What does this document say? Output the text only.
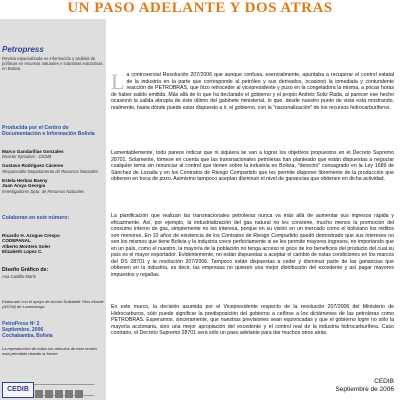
UN PASO ADELANTE Y DOS ATRAS
Petropress
Revista especializada en información y análisis de políticas en recursos naturales e industrias extractivas en Bolivia
Producida por el Centro de Documentación e Información Bolivia
Marco Gandarillas Gonzales
Director Ejecutivo - CEDIB
Gustavo Rodríguez Cáceres
Responsable Departamento de Recursos Naturales
Estela Herbas Baeny
Juan Araya Georgia
Investigadores Dpto. de Recursos Naturales
Colaboran en este número:
Ricardo H. Azogue Crespo
CODEPANAL
Alberto Montero Soler
Elizabeth Lopez C.
Diseño Gráfico de:
Ana Castillo Marín
Elaborado con el apoyo de Acción Solidarité Tiers Monde (ASTM) de Luxemburgo
PetroPress Nº 2
Septiembre, 2006
Cochabamba, Bolivia
La reproducción de todos los artículos de esta revista está permitida citando la fuente
CEDIB
L a controversial Resolución 207/2006 que aunque confusa, esencialmente, apuntaba a recuperar el control estatal de la industria en la parte que corresponde al petróleo y sus derivados, ocasionó la inmediata y contundente reacción de PETROBRAS, que hizo retroceder al vicepresidente y puso en la congeladora la misma, a pocas horas de haber salido emitida. Más allá de lo que ha declarado el gobierno y el propio Andrés Soliz Rada, al parecer ese hecho ocasionó la salida abrupta de éste último del gabinete ministerial, lo que, desde nuestro punto de vista está mostrando, realmente, hasta dónde puede estar dispuesto a ir, el gobierno, con la "nacionalización" de los recursos hidrocarburíferos.

Lamentablemente, todo parece indicar que ni siquiera se van a lograr los objetivos propuestos en el Decreto Supremo 28701. Solamente, tómese en cuenta que las transnacionales petroleras han planteado que están dispuestas a negociar cualquier tema sin renunciar al control que tienen sobre la industria en Bolivia, "derecho" consagrado en la Ley 1689 de Sánchez de Lozada y en los Contratos de Riesgo Compartido que les permite disponer libremente de la producción que obtienen en boca de pozo. Asimismo tampoco aceptan disminuir el nivel de ganancias que obtienen en dicha actividad.

La planificación que realizan las transnacionales petroleras nunca va más allá de aumentar sus ingresos rápida y eficazmente. Así, por ejemplo, la industrialización del gas natural no les conviene, mucho menos la promoción del consumo interno de gas, simplemente no les interesa, porque en su visión en un mercado como el boliviano los réditos son menores. En 10 años de existencia de los Contratos de Riesgo Compartido quedó demostrado que sus intereses no son los mismos que tiene Bolivia y la industria crece perfectamente si se les permite mayores ingresos, no importando que en un país, como el nuestro, la mayoría de la población no tenga acceso ni goce de los beneficios del producto del cual su país es el mayor exportador. Evidentemente, no están dispuestas a aceptar el cambio de estas condiciones en los marcos del DS 28701 y la resolución 207/2006. Tampoco están dispuestas a ceder y disminuir parte de las ganancias que obtienen en la industria, es decir, las empresas no quieren una mejor distribución del excedente y así pagar mayores impuestos y regalías.

En este marco, la decisión asumida por el Vicepresidente respecto de la resolución 207/2006 del Ministerio de Hidrocarburos, sólo puede significar la predisposición del gobierno a ceñirse a los dictámenes de las petroleras como PETROBRAS. Esperamos, sinceramente, que nuestras previsiones sean equivocadas y que el gobierno logre no sólo la mayoría accionaria, sino una mejor apropiación del excedente y el control real de la industria hidrocarburífera. Caso contrario, el Decreto Supremo 28701 será sólo un paso adelante para dar muchos otros atrás.

CEDIB
Septiembre de 2006
